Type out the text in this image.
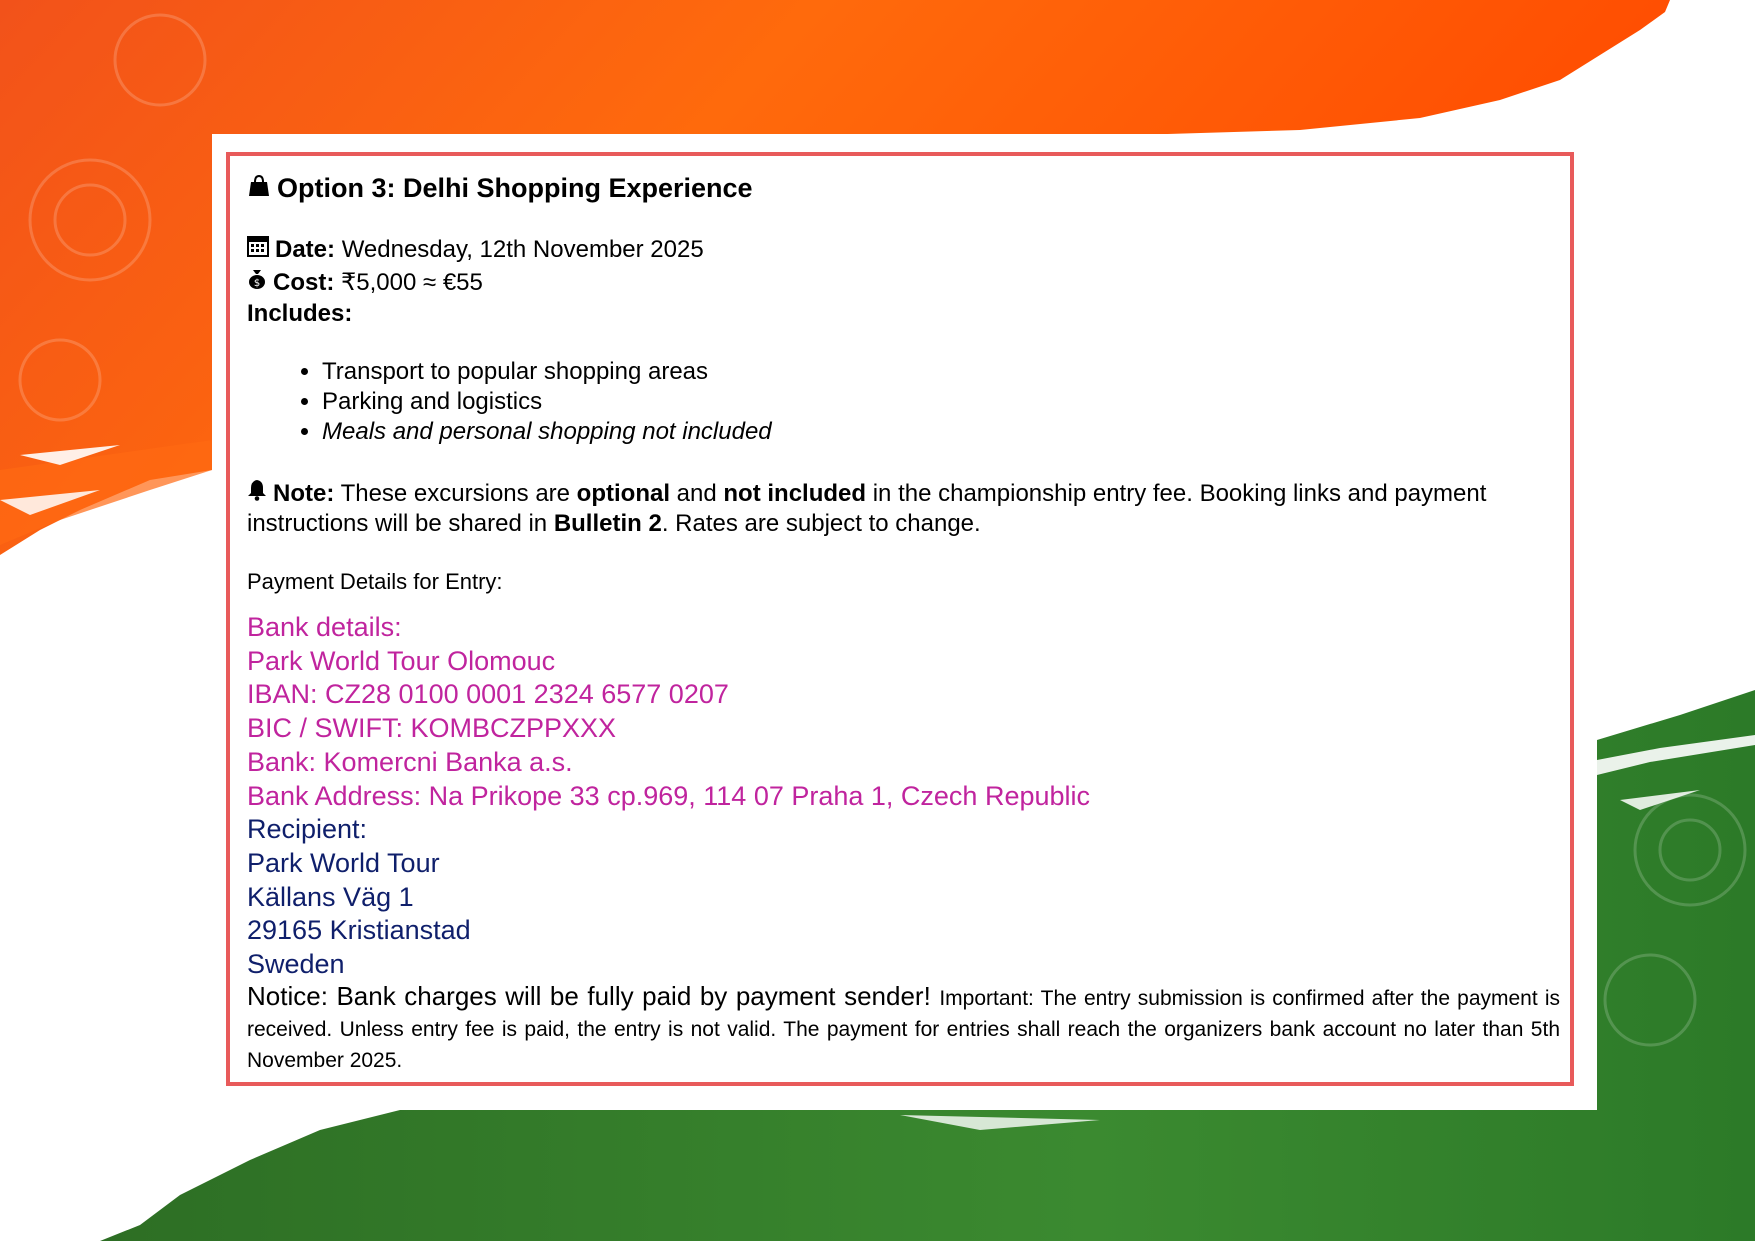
Option 3: Delhi Shopping Experience
Date: Wednesday, 12th November 2025
$ Cost: ₹5,000 ≈ €55
Includes:
• Transport to popular shopping areas
• Parking and logistics
• Meals and personal shopping not included
Note: These excursions are optional and not included in the championship entry fee. Booking links and payment instructions will be shared in Bulletin 2. Rates are subject to change.
Payment Details for Entry:
Bank details:
Park World Tour Olomouc
IBAN: CZ28 0100 0001 2324 6577 0207
BIC / SWIFT: KOMBCZPPXXX
Bank: Komercni Banka a.s.
Bank Address: Na Prikope 33 cp.969, 114 07 Praha 1, Czech Republic
Recipient:
Park World Tour
Källans Väg 1
29165 Kristianstad
Sweden
Notice: Bank charges will be fully paid by payment sender! Important: The entry submission is confirmed after the payment is received. Unless entry fee is paid, the entry is not valid. The payment for entries shall reach the organizers bank account no later than 5th November 2025.
